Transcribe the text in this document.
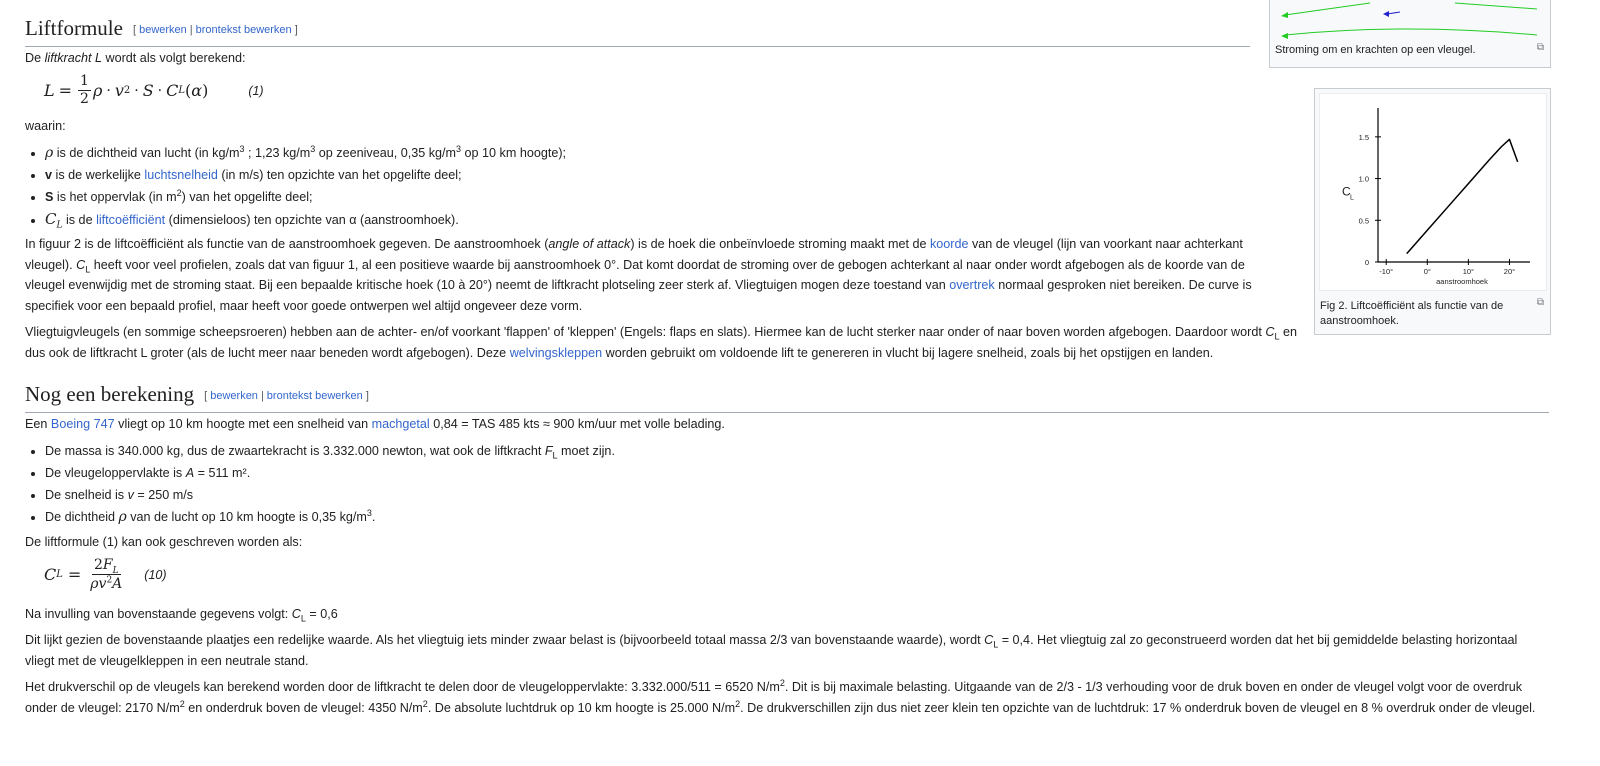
Stroming om en krachten op een vleugel.	⧉
0
0.5
1.0
1.5
-10°	0°	10°	20°
C L
aanstroomhoek
Fig 2. Liftcoëfficiënt als functie van de aanstroomhoek.
⧉
Liftformule [ bewerken | brontekst bewerken ]

De liftkracht L wordt als volgt berekend:

$L = \frac{1}{2}$ ρ · v 2 · S · C L ( α )	(1)

waarin:

• ρ is de dichtheid van lucht (in $kg/m^3$ ; 1,23 $kg/m^3$ op zeeniveau, 0,35 $kg/m^3$ op 10 km hoogte);
• v is de werkelijke luchtsnelheid (in m/s) ten opzichte van het opgelifte deel;
• S is het oppervlak (in $m^2$) van het opgelifte deel;
• $C_L$ is de liftcoëfficiënt (dimensieloos) ten opzichte van α (aanstroomhoek).

In figuur 2 is de liftcoëfficiënt als functie van de aanstroomhoek gegeven. De aanstroomhoek (angle of attack) is de hoek die onbeïnvloede stroming maakt met de koorde van de vleugel (lijn van voorkant naar achterkant vleugel). $C_L$ heeft voor veel profielen, zoals dat van figuur 1, al een positieve waarde bij aanstroomhoek 0°. Dat komt doordat de stroming over de gebogen achterkant al naar onder wordt afgebogen als de koorde van de vleugel evenwijdig met de stroming staat. Bij een bepaalde kritische hoek (10 à 20°) neemt de liftkracht plotseling zeer sterk af. Vliegtuigen mogen deze toestand van overtrek normaal gesproken niet bereiken. De curve is specifiek voor een bepaald profiel, maar heeft voor goede ontwerpen wel altijd ongeveer deze vorm.

Vliegtuigvleugels (en sommige scheepsroeren) hebben aan de achter- en/of voorkant 'flappen' of 'kleppen' (Engels: flaps en slats). Hiermee kan de lucht sterker naar onder of naar boven worden afgebogen. Daardoor wordt $C_L$ en dus ook de liftkracht L groter (als de lucht meer naar beneden wordt afgebogen). Deze welvingskleppen worden gebruikt om voldoende lift te genereren in vlucht bij lagere snelheid, zoals bij het opstijgen en landen.

Nog een berekening [ bewerken | brontekst bewerken ]

Een Boeing 747 vliegt op 10 km hoogte met een snelheid van machgetal 0,84 = TAS 485 kts ≈ 900 km/uur met volle belading.

• De massa is 340.000 kg, dus de zwaartekracht is 3.332.000 newton, wat ook de liftkracht $F_L$ moet zijn.
• De vleugeloppervlakte is A = 511 m².
• De snelheid is v = 250 m/s
• De dichtheid ρ van de lucht op 10 km hoogte is 0,35 $kg/m^3$.

De liftformule (1) kan ook geschreven worden als:

C $L = \frac{2F_L}{\rho v^2A} (10)$

Na invulling van bovenstaande gegevens volgt: $C_L = 0,6$

Dit lijkt gezien de bovenstaande plaatjes een redelijke waarde. Als het vliegtuig iets minder zwaar belast is (bijvoorbeeld totaal massa 2/3 van bovenstaande waarde), wordt $C_L = 0,4$. Het vliegtuig zal zo geconstrueerd worden dat het bij gemiddelde belasting horizontaal vliegt met de vleugelkleppen in een neutrale stand.

Het drukverschil op de vleugels kan berekend worden door de liftkracht te delen door de vleugeloppervlakte: 3.332.000/511 = 6520 $N/m^2$. Dit is bij maximale belasting. Uitgaande van de 2/3 - 1/3 verhouding voor de druk boven en onder de vleugel volgt voor de overdruk onder de vleugel: 2170 $N/m^2$ en onderdruk boven de vleugel: 4350 $N/m^2$. De absolute luchtdruk op 10 km hoogte is 25.000 $N/m^2$. De drukverschillen zijn dus niet zeer klein ten opzichte van de luchtdruk: 17 % onderdruk boven de vleugel en 8 % overdruk onder de vleugel.
